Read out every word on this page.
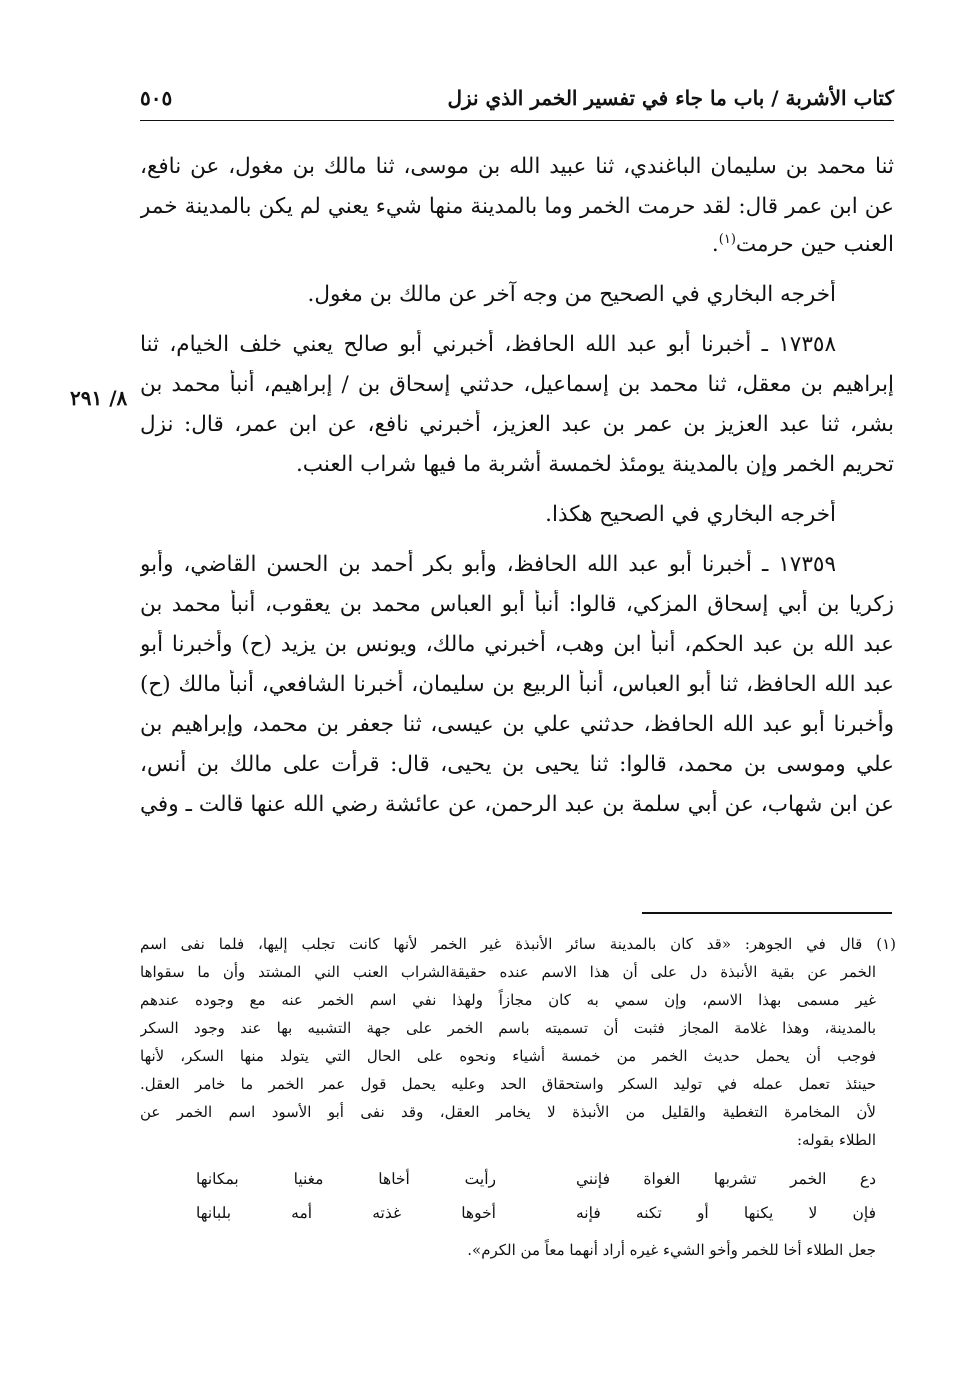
كتاب الأشربة / باب ما جاء في تفسير الخمر الذي نزل
٥٠٥
٨/ ٢٩١
ثنا محمد بن سليمان الباغندي، ثنا عبيد الله بن موسى، ثنا مالك بن مغول، عن نافع،
عن ابن عمر قال: لقد حرمت الخمر وما بالمدينة منها شيء يعني لم يكن بالمدينة خمر
العنب حين حرمت$^{(١)}$.
أخرجه البخاري في الصحيح من وجه آخر عن مالك بن مغول.
١٧٣٥٨ ـ أخبرنا أبو عبد الله الحافظ، أخبرني أبو صالح يعني خلف الخيام، ثنا
إبراهيم بن معقل، ثنا محمد بن إسماعيل، حدثني إسحاق بن / إبراهيم، أنبأ محمد بن
بشر، ثنا عبد العزيز بن عمر بن عبد العزيز، أخبرني نافع، عن ابن عمر، قال: نزل
تحريم الخمر وإن بالمدينة يومئذ لخمسة أشربة ما فيها شراب العنب.
أخرجه البخاري في الصحيح هكذا.
١٧٣٥٩ ـ أخبرنا أبو عبد الله الحافظ، وأبو بكر أحمد بن الحسن القاضي، وأبو
زكريا بن أبي إسحاق المزكي، قالوا: أنبأ أبو العباس محمد بن يعقوب، أنبأ محمد بن
عبد الله بن عبد الحكم، أنبأ ابن وهب، أخبرني مالك، ويونس بن يزيد (ح) وأخبرنا أبو
عبد الله الحافظ، ثنا أبو العباس، أنبأ الربيع بن سليمان، أخبرنا الشافعي، أنبأ مالك (ح)
وأخبرنا أبو عبد الله الحافظ، حدثني علي بن عيسى، ثنا جعفر بن محمد، وإبراهيم بن
علي وموسى بن محمد، قالوا: ثنا يحيى بن يحيى، قال: قرأت على مالك بن أنس،
عن ابن شهاب، عن أبي سلمة بن عبد الرحمن، عن عائشة رضي الله عنها قالت ـ وفي
(١) قال في الجوهر: «قد كان بالمدينة سائر الأنبذة غير الخمر لأنها كانت تجلب إليها، فلما نفى اسم
الخمر عن بقية الأنبذة دل على أن هذا الاسم عنده حقيقةالشراب العنب الني المشتد وأن ما سقواها
غير مسمى بهذا الاسم، وإن سمي به كان مجازاً ولهذا نفي اسم الخمر عنه مع وجوده عندهم
بالمدينة، وهذا غلامة المجاز فثبت أن تسميته باسم الخمر على جهة التشبيه بها عند وجود السكر
فوجب أن يحمل حديث الخمر من خمسة أشياء ونحوه على الحال التي يتولد منها السكر، لأنها
حينئذ تعمل عمله في توليد السكر واستحقاق الحد وعليه يحمل قول عمر الخمر ما خامر العقل.
لأن المخامرة التغطية والقليل من الأنبذة لا يخامر العقل، وقد نفى أبو الأسود اسم الخمر عن
الطلاء بقوله:
دع الخمر تشربها الغواة فإنني
رأيت أخاها مغنيا بمكانها
فإن لا يكنها أو تكنه فإنه
أخوها غذته أمه بلبانها
جعل الطلاء أخا للخمر وأخو الشيء غيره أراد أنهما معاً من الكرم».
